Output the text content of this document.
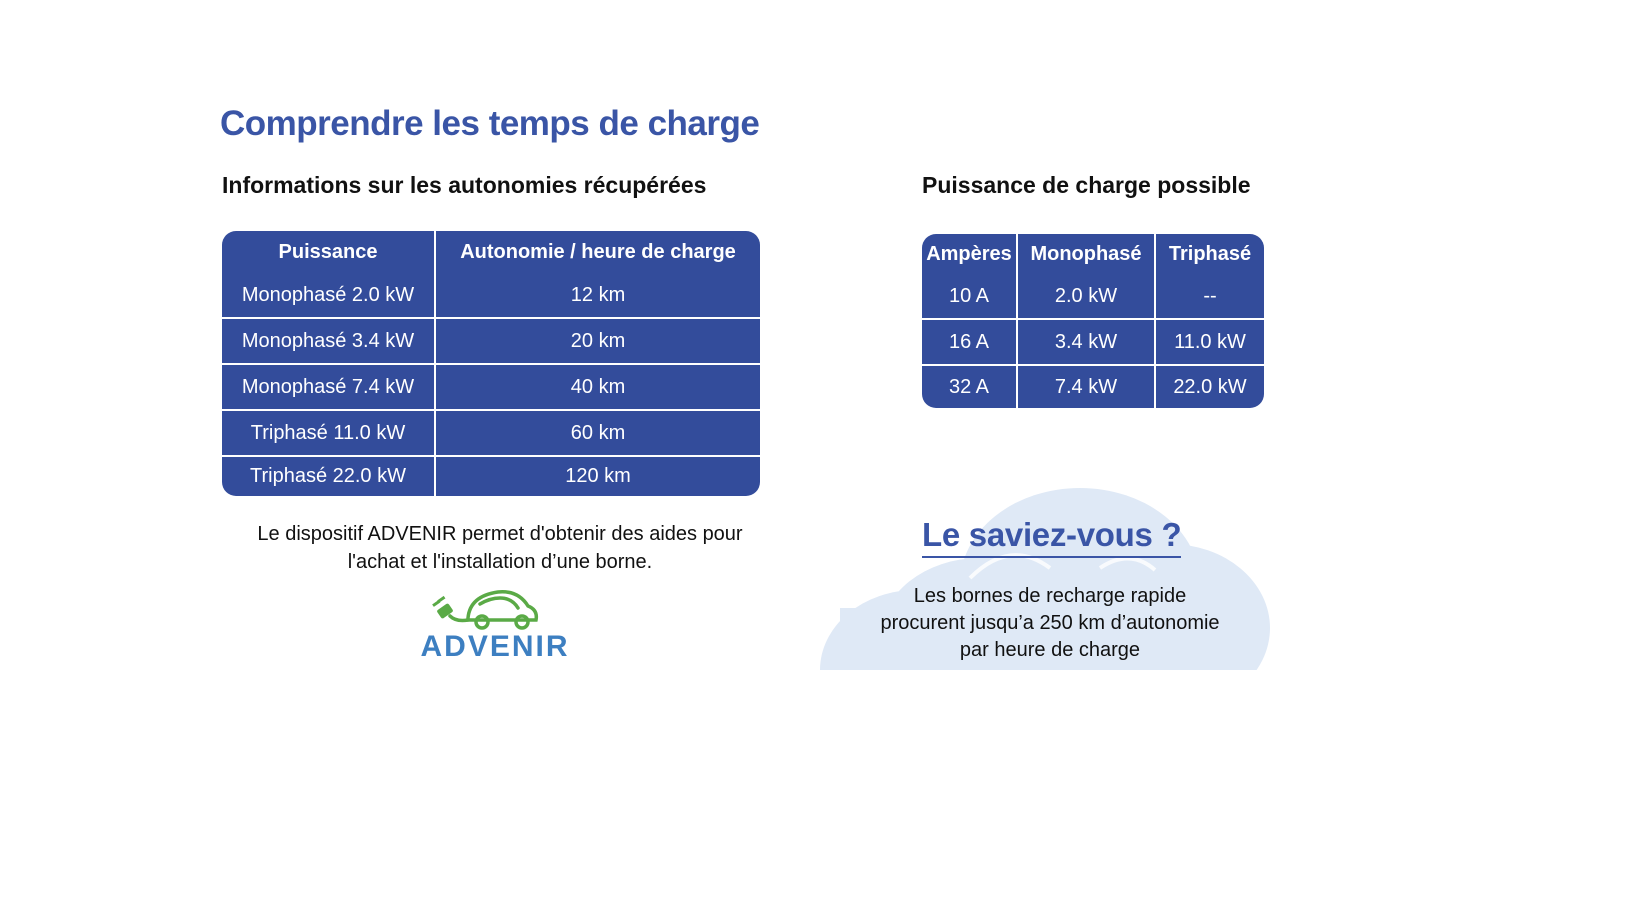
Comprendre les temps de charge
Informations sur les autonomies récupérées	Puissance de charge possible
Puissance	Autonomie / heure de charge
Monophasé 2.0 kW	12 km
Monophasé 3.4 kW	20 km
Monophasé 7.4 kW	40 km
Triphasé 11.0 kW	60 km
Triphasé 22.0 kW	120 km
Ampères	Monophasé	Triphasé
10 A	2.0 kW	--
16 A	3.4 kW	11.0 kW
32 A	7.4 kW	22.0 kW
Le dispositif ADVENIR permet d'obtenir des aides pour l'achat et l'installation d’une borne.
ADVENIR
Le saviez-vous ?
Les bornes de recharge rapide procurent jusqu’a 250 km d’autonomie par heure de charge
